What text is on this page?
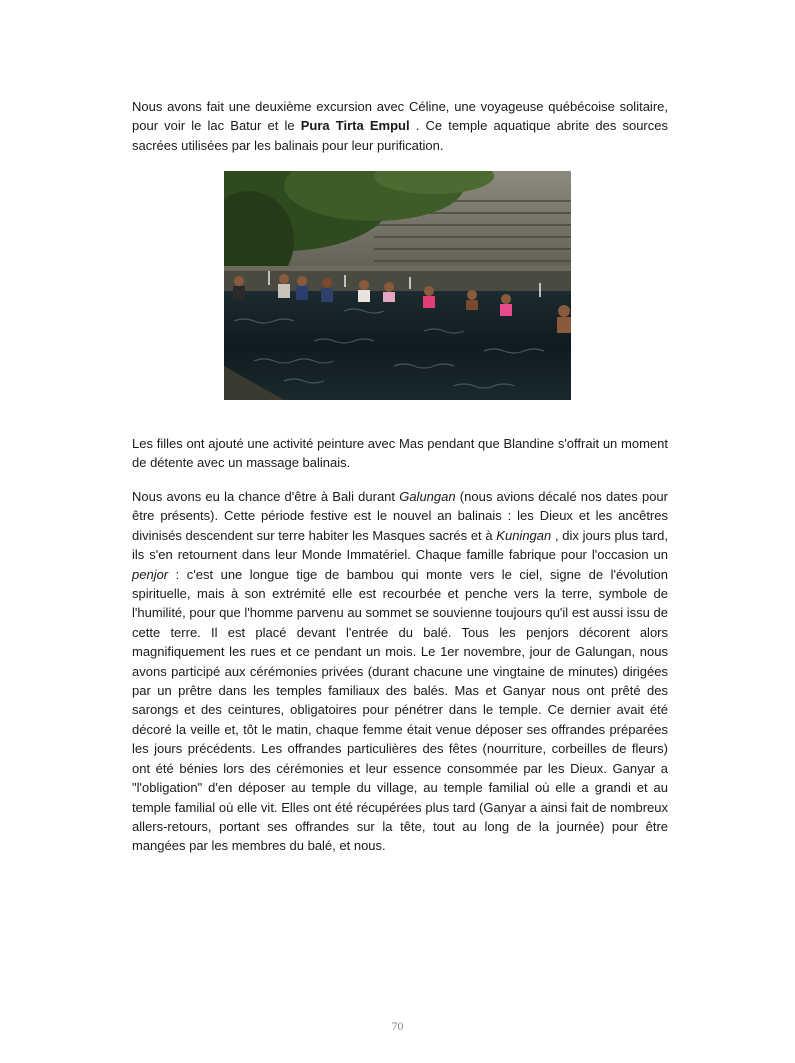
Nous avons fait une deuxième excursion avec Céline, une voyageuse québécoise solitaire, pour voir le lac Batur et le Pura Tirta Empul . Ce temple aquatique abrite des sources sacrées utilisées par les balinais pour leur purification.

Les filles ont ajouté une activité peinture avec Mas pendant que Blandine s'offrait un moment de détente avec un massage balinais.

Nous avons eu la chance d'être à Bali durant Galungan (nous avions décalé nos dates pour être présents). Cette période festive est le nouvel an balinais : les Dieux et les ancêtres divinisés descendent sur terre habiter les Masques sacrés et à Kuningan , dix jours plus tard, ils s'en retournent dans leur Monde Immatériel. Chaque famille fabrique pour l'occasion un penjor : c'est une longue tige de bambou qui monte vers le ciel, signe de l'évolution spirituelle, mais à son extrémité elle est recourbée et penche vers la terre, symbole de l'humilité, pour que l'homme parvenu au sommet se souvienne toujours qu'il est aussi issu de cette terre. Il est placé devant l'entrée du balé. Tous les penjors décorent alors magnifiquement les rues et ce pendant un mois. Le 1er novembre, jour de Galungan, nous avons participé aux cérémonies privées (durant chacune une vingtaine de minutes) dirigées par un prêtre dans les temples familiaux des balés. Mas et Ganyar nous ont prêté des sarongs et des ceintures, obligatoires pour pénétrer dans le temple. Ce dernier avait été décoré la veille et, tôt le matin, chaque femme était venue déposer ses offrandes préparées les jours précédents. Les offrandes particulières des fêtes (nourriture, corbeilles de fleurs) ont été bénies lors des cérémonies et leur essence consommée par les Dieux. Ganyar a "l'obligation" d'en déposer au temple du village, au temple familial où elle a grandi et au temple familial où elle vit. Elles ont été récupérées plus tard (Ganyar a ainsi fait de nombreux allers-retours, portant ses offrandes sur la tête, tout au long de la journée) pour être mangées par les membres du balé, et nous.

70
